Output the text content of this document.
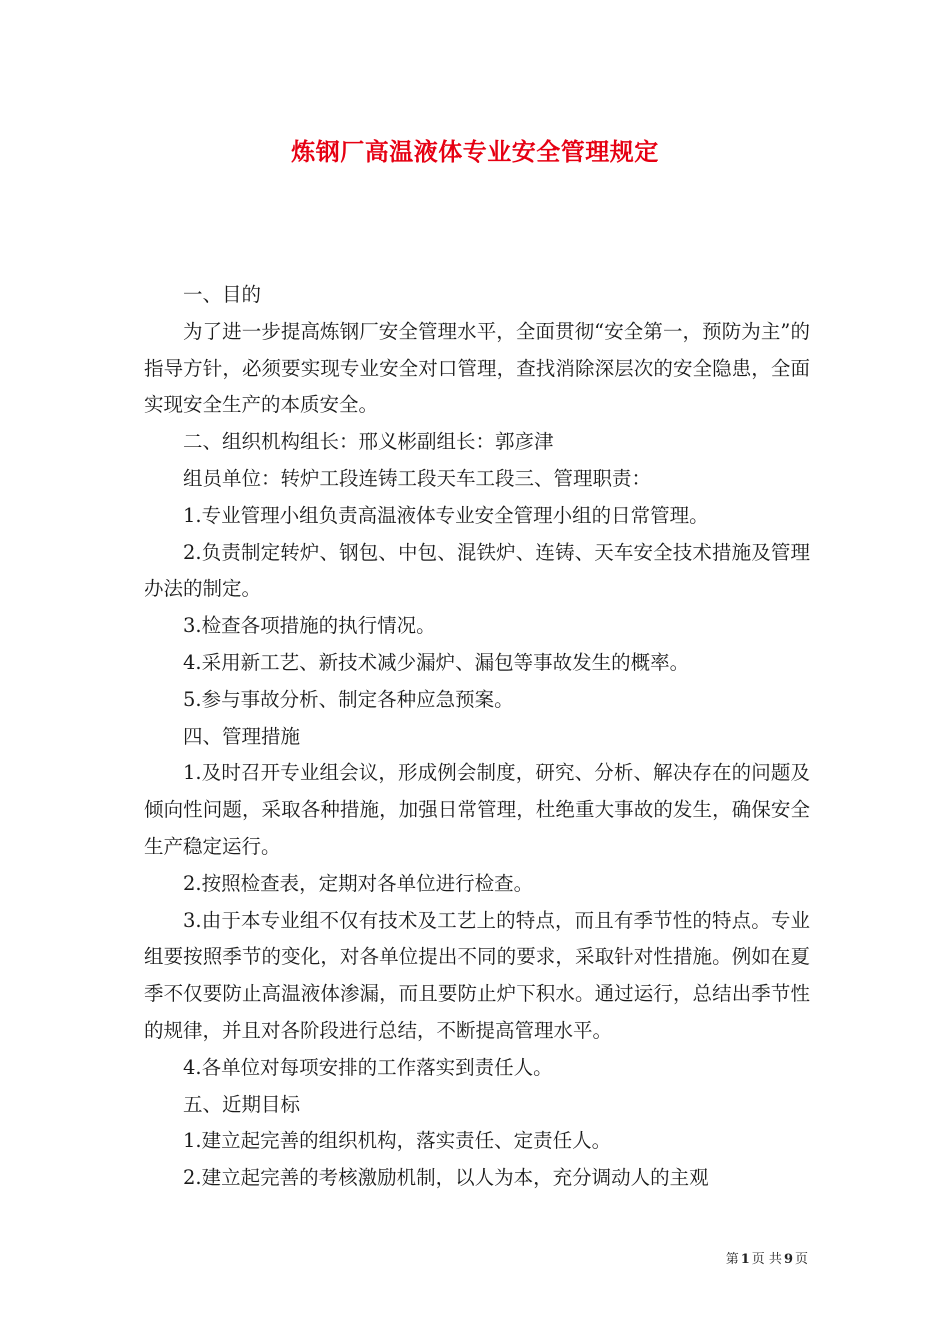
炼钢厂高温液体专业安全管理规定

一、目的

为了进一步提高炼钢厂安全管理水平，全面贯彻“安全第一，预防为主”的指导方针，必须要实现专业安全对口管理，查找消除深层次的安全隐患，全面实现安全生产的本质安全。

二、组织机构组长：邢义彬副组长：郭彦津

组员单位：转炉工段连铸工段天车工段三、管理职责：

1.专业管理小组负责高温液体专业安全管理小组的日常管理。

2.负责制定转炉、钢包、中包、混铁炉、连铸、天车安全技术措施及管理办法的制定。

3.检查各项措施的执行情况。

4.采用新工艺、新技术减少漏炉、漏包等事故发生的概率。

5.参与事故分析、制定各种应急预案。

四、管理措施

1.及时召开专业组会议，形成例会制度，研究、分析、解决存在的问题及倾向性问题，采取各种措施，加强日常管理，杜绝重大事故的发生，确保安全生产稳定运行。

2.按照检查表，定期对各单位进行检查。

3.由于本专业组不仅有技术及工艺上的特点，而且有季节性的特点。专业组要按照季节的变化，对各单位提出不同的要求，采取针对性措施。例如在夏季不仅要防止高温液体渗漏，而且要防止炉下积水。通过运行，总结出季节性的规律，并且对各阶段进行总结，不断提高管理水平。

4.各单位对每项安排的工作落实到责任人。

五、近期目标

1.建立起完善的组织机构，落实责任、定责任人。

2.建立起完善的考核激励机制，以人为本，充分调动人的主观

第 1 页 共 9 页
